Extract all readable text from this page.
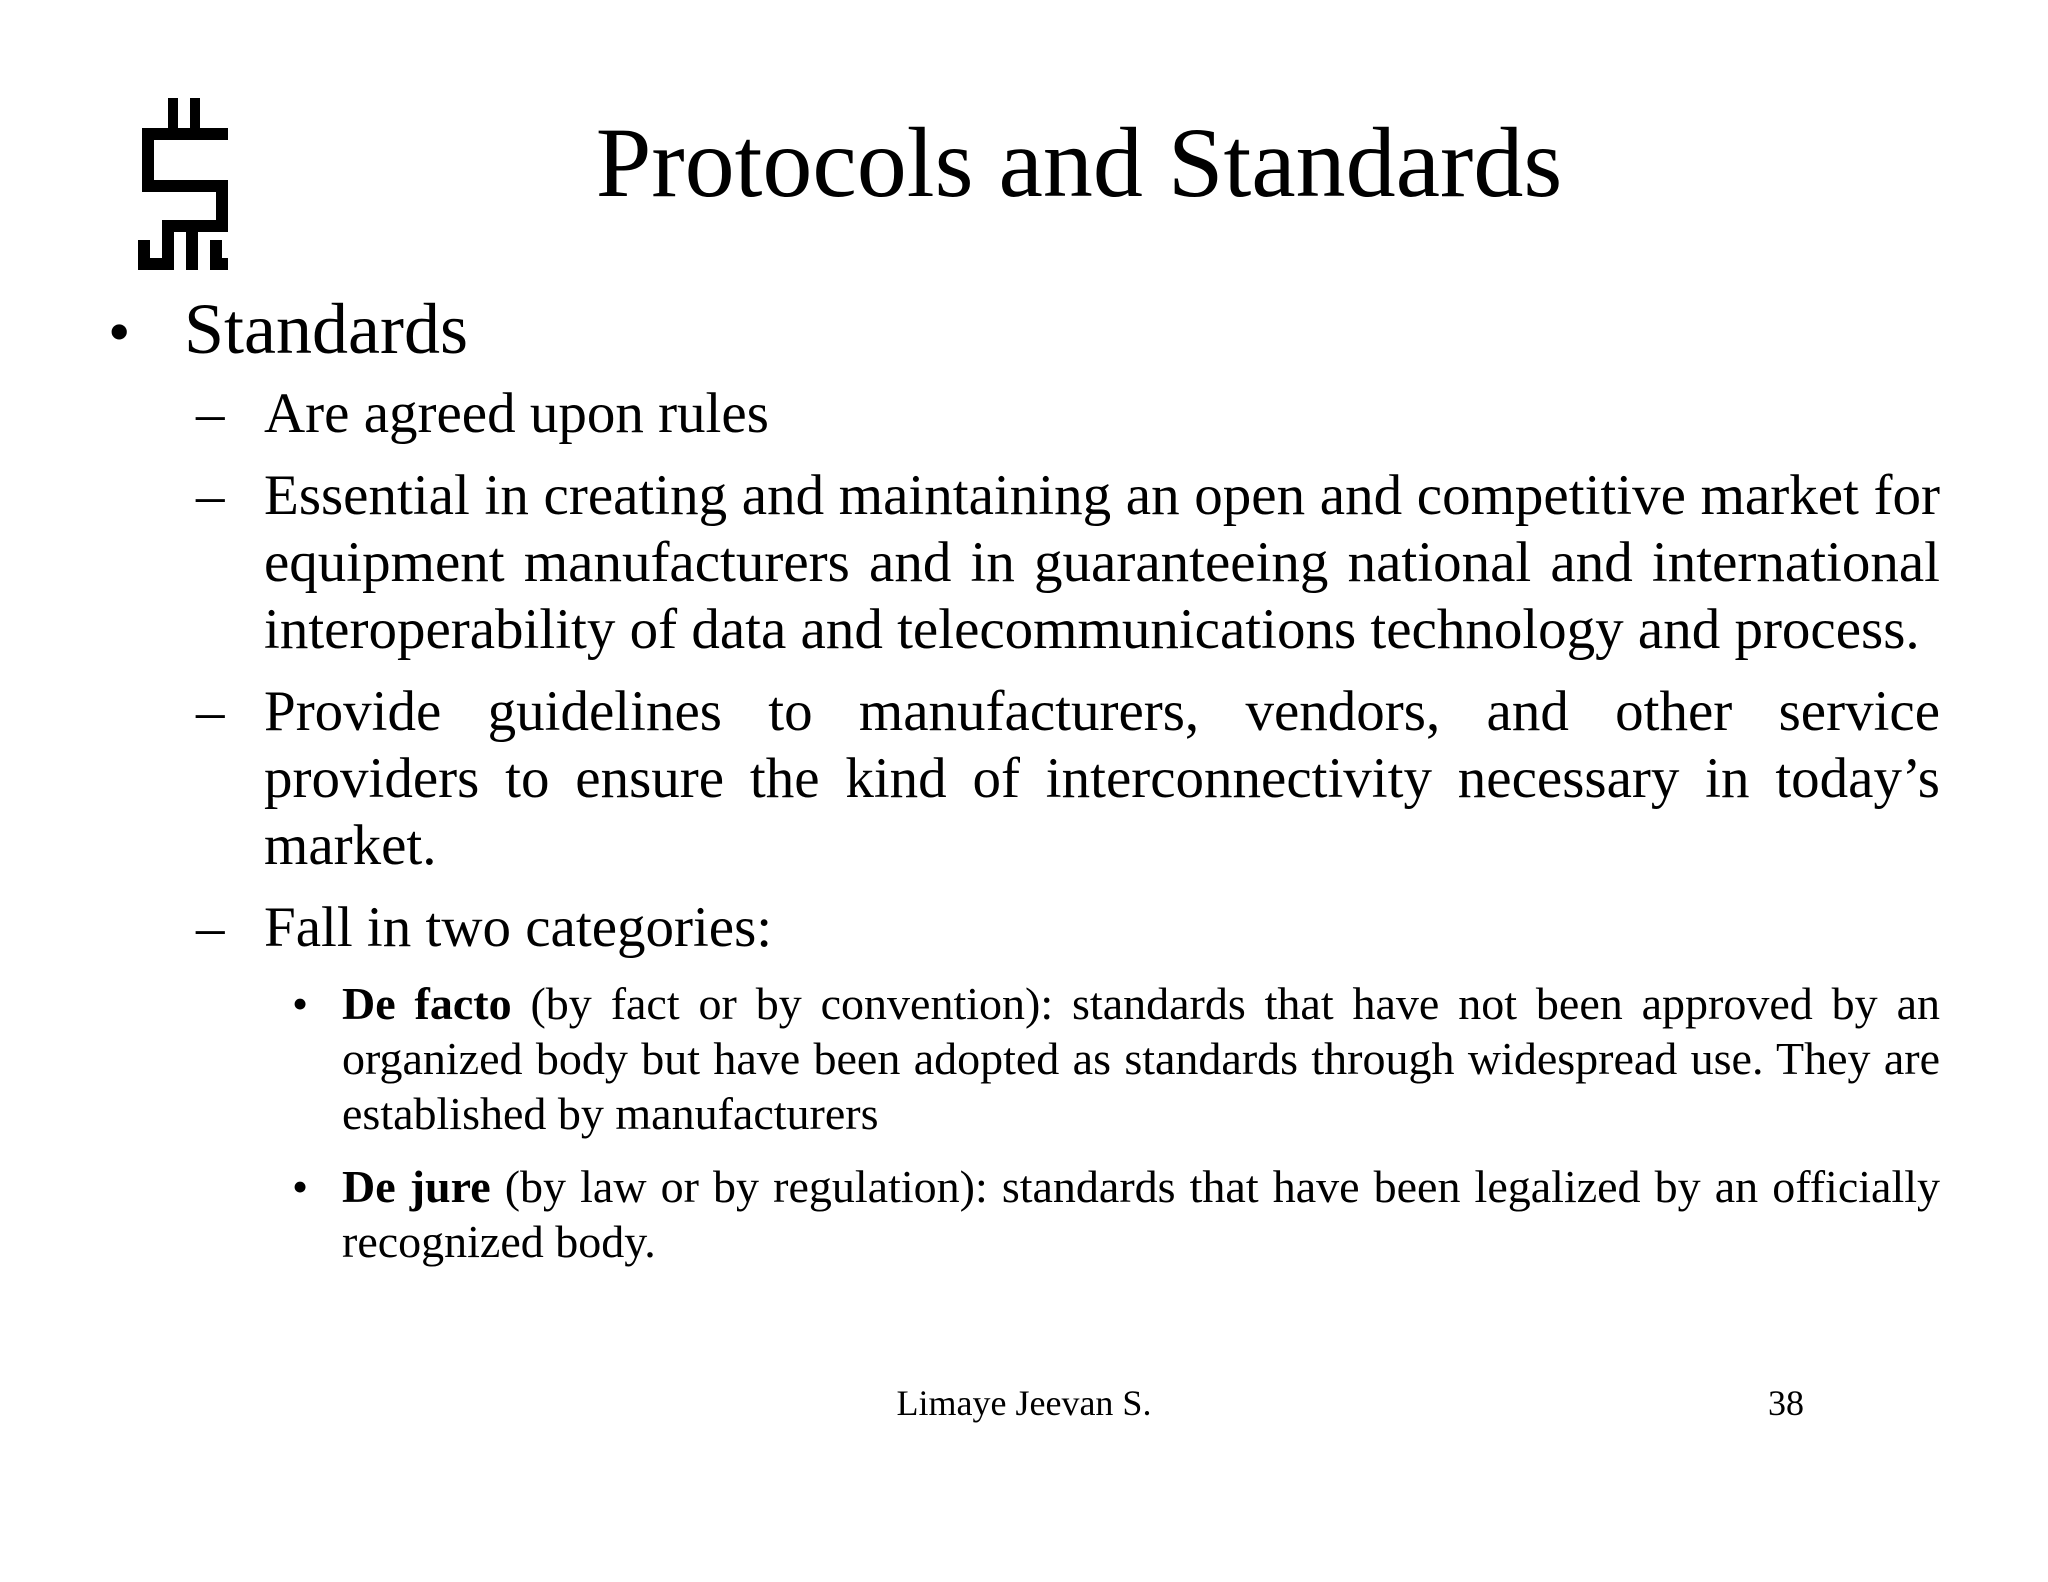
Protocols and Standards
• Standards
– Are agreed upon rules
– Essential in creating and maintaining an open and competitive market for equipment manufacturers and in guaranteeing national and international interoperability of data and telecommunications technology and process.
– Provide guidelines to manufacturers, vendors, and other service providers to ensure the kind of interconnectivity necessary in today’s market.
– Fall in two categories:
• De facto (by fact or by convention): standards that have not been approved by an organized body but have been adopted as standards through widespread use. They are established by manufacturers
• De jure (by law or by regulation): standards that have been legalized by an officially recognized body.
Limaye Jeevan S.	38
